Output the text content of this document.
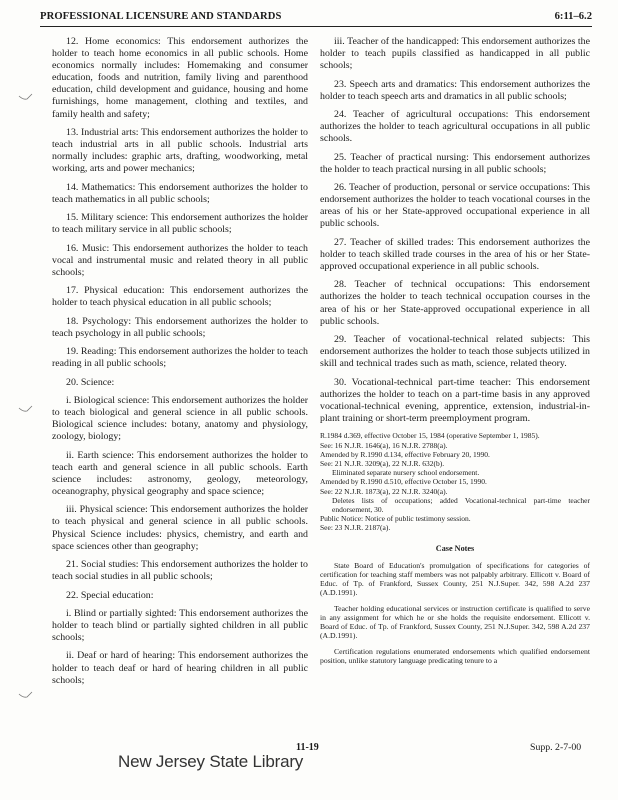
PROFESSIONAL LICENSURE AND STANDARDS	6:11–6.2

12. Home economics: This endorsement authorizes the holder to teach home economics in all public schools. Home economics normally includes: Homemaking and consumer education, foods and nutrition, family living and parenthood education, child development and guidance, housing and home furnishings, home management, clothing and textiles, and family health and safety;

13. Industrial arts: This endorsement authorizes the holder to teach industrial arts in all public schools. Industrial arts normally includes: graphic arts, drafting, woodworking, metal working, arts and power mechanics;

14. Mathematics: This endorsement authorizes the holder to teach mathematics in all public schools;

15. Military science: This endorsement authorizes the holder to teach military service in all public schools;

16. Music: This endorsement authorizes the holder to teach vocal and instrumental music and related theory in all public schools;

17. Physical education: This endorsement authorizes the holder to teach physical education in all public schools;

18. Psychology: This endorsement authorizes the holder to teach psychology in all public schools;

19. Reading: This endorsement authorizes the holder to teach reading in all public schools;

20. Science:

i. Biological science: This endorsement authorizes the holder to teach biological and general science in all public schools. Biological science includes: botany, anatomy and physiology, zoology, biology;

ii. Earth science: This endorsement authorizes the holder to teach earth and general science in all public schools. Earth science includes: astronomy, geology, meteorology, oceanography, physical geography and space science;

iii. Physical science: This endorsement authorizes the holder to teach physical and general science in all public schools. Physical Science includes: physics, chemistry, and earth and space sciences other than geography;

21. Social studies: This endorsement authorizes the holder to teach social studies in all public schools;

22. Special education:

i. Blind or partially sighted: This endorsement authorizes the holder to teach blind or partially sighted children in all public schools;

ii. Deaf or hard of hearing: This endorsement authorizes the holder to teach deaf or hard of hearing children in all public schools;

iii. Teacher of the handicapped: This endorsement authorizes the holder to teach pupils classified as handicapped in all public schools;

23. Speech arts and dramatics: This endorsement authorizes the holder to teach speech arts and dramatics in all public schools;

24. Teacher of agricultural occupations: This endorsement authorizes the holder to teach agricultural occupations in all public schools.

25. Teacher of practical nursing: This endorsement authorizes the holder to teach practical nursing in all public schools;

26. Teacher of production, personal or service occupations: This endorsement authorizes the holder to teach vocational courses in the areas of his or her State-approved occupational experience in all public schools.

27. Teacher of skilled trades: This endorsement authorizes the holder to teach skilled trade courses in the area of his or her State-approved occupational experience in all public schools.

28. Teacher of technical occupations: This endorsement authorizes the holder to teach technical occupation courses in the area of his or her State-approved occupational experience in all public schools.

29. Teacher of vocational-technical related subjects: This endorsement authorizes the holder to teach those subjects utilized in skill and technical trades such as math, science, related theory.

30. Vocational-technical part-time teacher: This endorsement authorizes the holder to teach on a part-time basis in any approved vocational-technical evening, apprentice, extension, industrial-in-plant training or short-term preemployment program.

R.1984 d.369, effective October 15, 1984 (operative September 1, 1985).
See: 16 N.J.R. 1646(a), 16 N.J.R. 2788(a).
Amended by R.1990 d.134, effective February 20, 1990.
See: 21 N.J.R. 3209(a), 22 N.J.R. 632(b).
Eliminated separate nursery school endorsement.
Amended by R.1990 d.510, effective October 15, 1990.
See: 22 N.J.R. 1873(a), 22 N.J.R. 3240(a).
Deletes lists of occupations; added Vocational-technical part-time teacher endorsement, 30.
Public Notice: Notice of public testimony session.
See: 23 N.J.R. 2187(a).
Case Notes

State Board of Education's promulgation of specifications for categories of certification for teaching staff members was not palpably arbitrary. Ellicott v. Board of Educ. of Tp. of Frankford, Sussex County, 251 N.J.Super. 342, 598 A.2d 237 (A.D.1991).

Teacher holding educational services or instruction certificate is qualified to serve in any assignment for which he or she holds the requisite endorsement. Ellicott v. Board of Educ. of Tp. of Frankford, Sussex County, 251 N.J.Super. 342, 598 A.2d 237 (A.D.1991).

Certification regulations enumerated endorsements which qualified endorsement position, unlike statutory language predicating tenure to a

11-19	Supp. 2-7-00
New Jersey State Library
